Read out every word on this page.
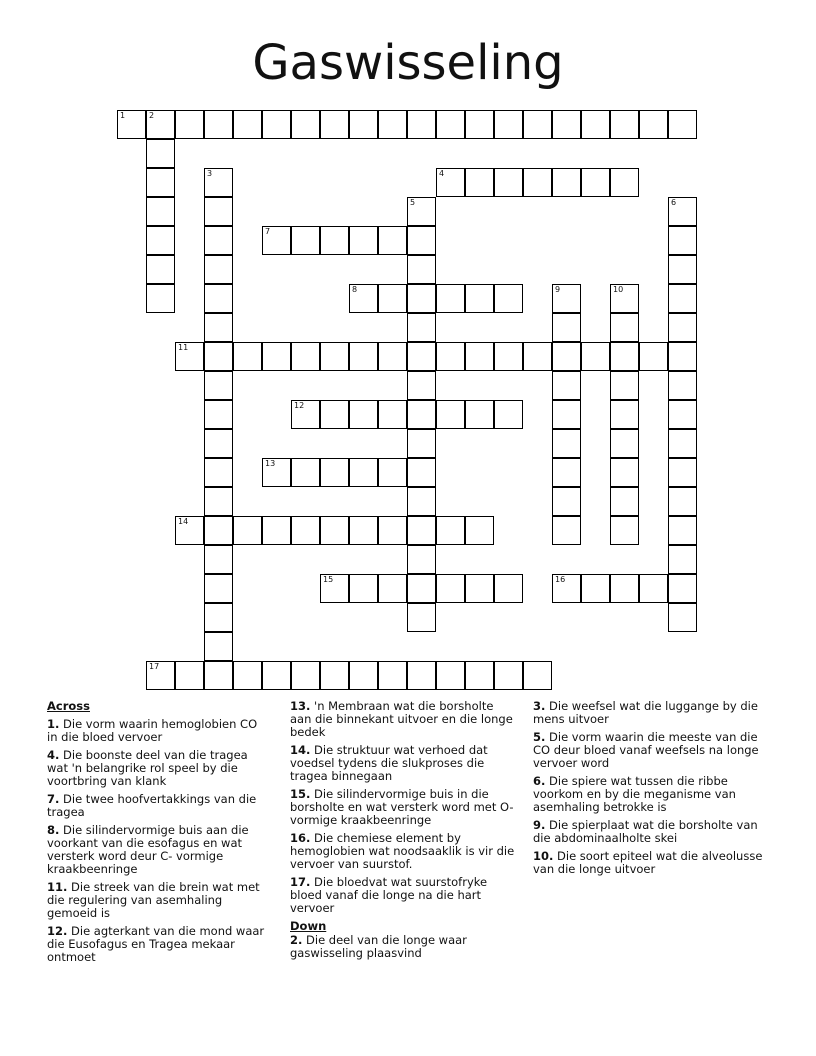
Gaswisseling
1	2
3	4
5	6
7
8	9	10
11
12
13
14
15	16
17
Across
1. Die vorm waarin hemoglobien CO in die bloed vervoer
4. Die boonste deel van die tragea wat 'n belangrike rol speel by die voortbring van klank
7. Die twee hoofvertakkings van die tragea
8. Die silindervormige buis aan die voorkant van die esofagus en wat versterk word deur C- vormige kraakbeenringe
11. Die streek van die brein wat met die regulering van asemhaling gemoeid is
12. Die agterkant van die mond waar die Eusofagus en Tragea mekaar ontmoet
13. 'n Membraan wat die borsholte aan die binnekant uitvoer en die longe bedek
14. Die struktuur wat verhoed dat voedsel tydens die slukproses die tragea binnegaan
15. Die silindervormige buis in die borsholte en wat versterk word met O-vormige kraakbeenringe
16. Die chemiese element by hemoglobien wat noodsaaklik is vir die vervoer van suurstof.
17. Die bloedvat wat suurstofryke bloed vanaf die longe na die hart vervoer
Down
2. Die deel van die longe waar gaswisseling plaasvind
3. Die weefsel wat die luggange by die mens uitvoer
5. Die vorm waarin die meeste van die CO deur bloed vanaf weefsels na longe vervoer word
6. Die spiere wat tussen die ribbe voorkom en by die meganisme van asemhaling betrokke is
9. Die spierplaat wat die borsholte van die abdominaalholte skei
10. Die soort epiteel wat die alveolusse van die longe uitvoer
